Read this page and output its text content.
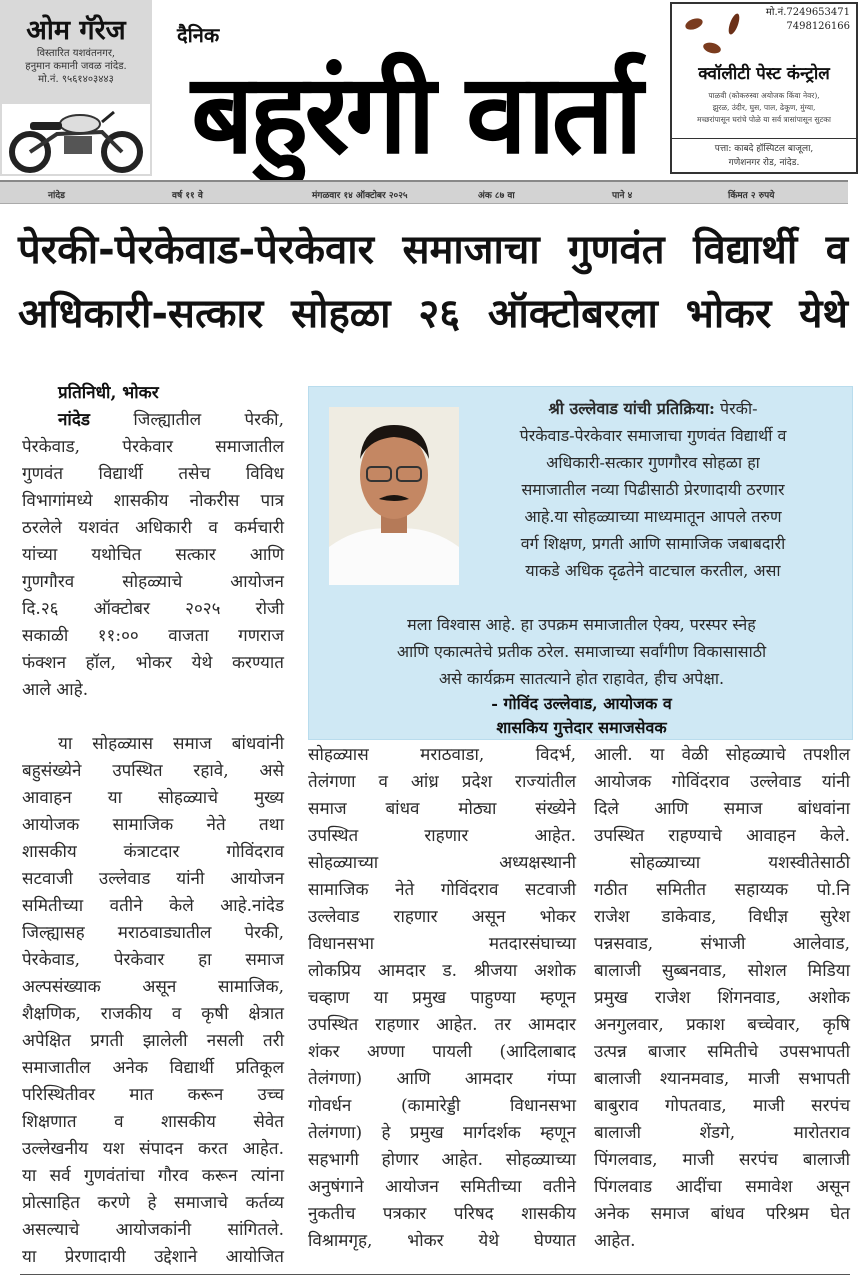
ओम गॅरेज
विस्तारित यशवंतनगर,
हनुमान कमानी जवळ नांदेड.
मो.नं. ९५६१४०३४४३
दैनिक
बहुरंगी वार्ता
मो.नं.7249653471
7498126166
क्वॉलीटी पेस्ट कंन्ट्रोल
पाळवी (कोकरुस्वा अयोजक किंवा नेवर),
झुरळ, उंदीर, घुस, पाल, ढेकूण, मुंग्या,
मच्छरांपासून घरांचे पोळे या सर्व त्रासांपासून सुटका
पत्ता: काबदे हॉस्पिटल बाजूला,
गणेशनगर रोड, नांदेड.
नांदेड	वर्ष ११ वे	मंगळवार १४ ऑक्टोबर २०२५	अंक ८७ वा	पाने ४	किंमत २ रुपये
पेरकी-पेरकेवाड-पेरकेवार समाजाचा गुणवंत विद्यार्थी व
अधिकारी-सत्कार सोहळा २६ ऑक्टोबरला भोकर येथे
प्रतिनिधी, भोकर
नांदेड जिल्ह्यातील पेरकी,
पेरकेवाड, पेरकेवार समाजातील
गुणवंत विद्यार्थी तसेच विविध
विभागांमध्ये शासकीय नोकरीस पात्र
ठरलेले यशवंत अधिकारी व कर्मचारी
यांच्या यथोचित सत्कार आणि
गुणगौरव सोहळ्याचे आयोजन
दि.२६ ऑक्टोबर २०२५ रोजी
सकाळी ११:०० वाजता गणराज
फंक्शन हॉल, भोकर येथे करण्यात
आले आहे.
श्री उल्लेवाड यांची प्रतिक्रिया: पेरकी-
पेरकेवाड-पेरकेवार समाजाचा गुणवंत विद्यार्थी व
अधिकारी-सत्कार गुणगौरव सोहळा हा
समाजातील नव्या पिढीसाठी प्रेरणादायी ठरणार
आहे.या सोहळ्याच्या माध्यमातून आपले तरुण
वर्ग शिक्षण, प्रगती आणि सामाजिक जबाबदारी
याकडे अधिक दृढतेने वाटचाल करतील, असा
मला विश्वास आहे. हा उपक्रम समाजातील ऐक्य, परस्पर स्नेह
आणि एकात्मतेचे प्रतीक ठरेल. समाजाच्या सर्वांगीण विकासासाठी
असे कार्यक्रम सातत्याने होत राहावेत, हीच अपेक्षा.
- गोविंद उल्लेवाड, आयोजक व
शासकिय गुत्तेदार समाजसेवक
या सोहळ्यास समाज बांधवांनी
बहुसंख्येने उपस्थित रहावे, असे
आवाहन या सोहळ्याचे मुख्य
आयोजक सामाजिक नेते तथा
शासकीय कंत्राटदार गोविंदराव
सटवाजी उल्लेवाड यांनी आयोजन
समितीच्या वतीने केले आहे.नांदेड
जिल्ह्यासह मराठवाड्यातील पेरकी,
पेरकेवाड, पेरकेवार हा समाज
अल्पसंख्याक असून सामाजिक,
शैक्षणिक, राजकीय व कृषी क्षेत्रात
अपेक्षित प्रगती झालेली नसली तरी
समाजातील अनेक विद्यार्थी प्रतिकूल
परिस्थितीवर मात करून उच्च
शिक्षणात व शासकीय सेवेत
उल्लेखनीय यश संपादन करत आहेत.
या सर्व गुणवंतांचा गौरव करून त्यांना
प्रोत्साहित करणे हे समाजाचे कर्तव्य
असल्याचे आयोजकांनी सांगितले.
या प्रेरणादायी उद्देशाने आयोजित
सोहळ्यास मराठवाडा, विदर्भ,
तेलंगणा व आंध्र प्रदेश राज्यांतील
समाज बांधव मोठ्या संख्येने
उपस्थित राहणार आहेत.
सोहळ्याच्या अध्यक्षस्थानी
सामाजिक नेते गोविंदराव सटवाजी
उल्लेवाड राहणार असून भोकर
विधानसभा मतदारसंघाच्या
लोकप्रिय आमदार ड. श्रीजया अशोक
चव्हाण या प्रमुख पाहुण्या म्हणून
उपस्थित राहणार आहेत. तर आमदार
शंकर अण्णा पायली (आदिलाबाद
तेलंगणा) आणि आमदार गंप्पा
गोवर्धन (कामारेड्डी विधानसभा
तेलंगणा) हे प्रमुख मार्गदर्शक म्हणून
सहभागी होणार आहेत. सोहळ्याच्या
अनुषंगाने आयोजन समितीच्या वतीने
नुकतीच पत्रकार परिषद शासकीय
विश्रामगृह, भोकर येथे घेण्यात
आली. या वेळी सोहळ्याचे तपशील
आयोजक गोविंदराव उल्लेवाड यांनी
दिले आणि समाज बांधवांना
उपस्थित राहण्याचे आवाहन केले.
सोहळ्याच्या यशस्वीतेसाठी
गठीत समितीत सहाय्यक पो.नि
राजेश डाकेवाड, विधीज्ञ सुरेश
पन्नसवाड, संभाजी आलेवाड,
बालाजी सुब्बनवाड, सोशल मिडिया
प्रमुख राजेश शिंगनवाड, अशोक
अनगुलवार, प्रकाश बच्चेवार, कृषि
उत्पन्न बाजार समितीचे उपसभापती
बालाजी श्यानमवाड, माजी सभापती
बाबुराव गोपतवाड, माजी सरपंच
बालाजी शेंडगे, मारोतराव
पिंगलवाड, माजी सरपंच बालाजी
पिंगलवाड आदींचा समावेश असून
अनेक समाज बांधव परिश्रम घेत
आहेत.
